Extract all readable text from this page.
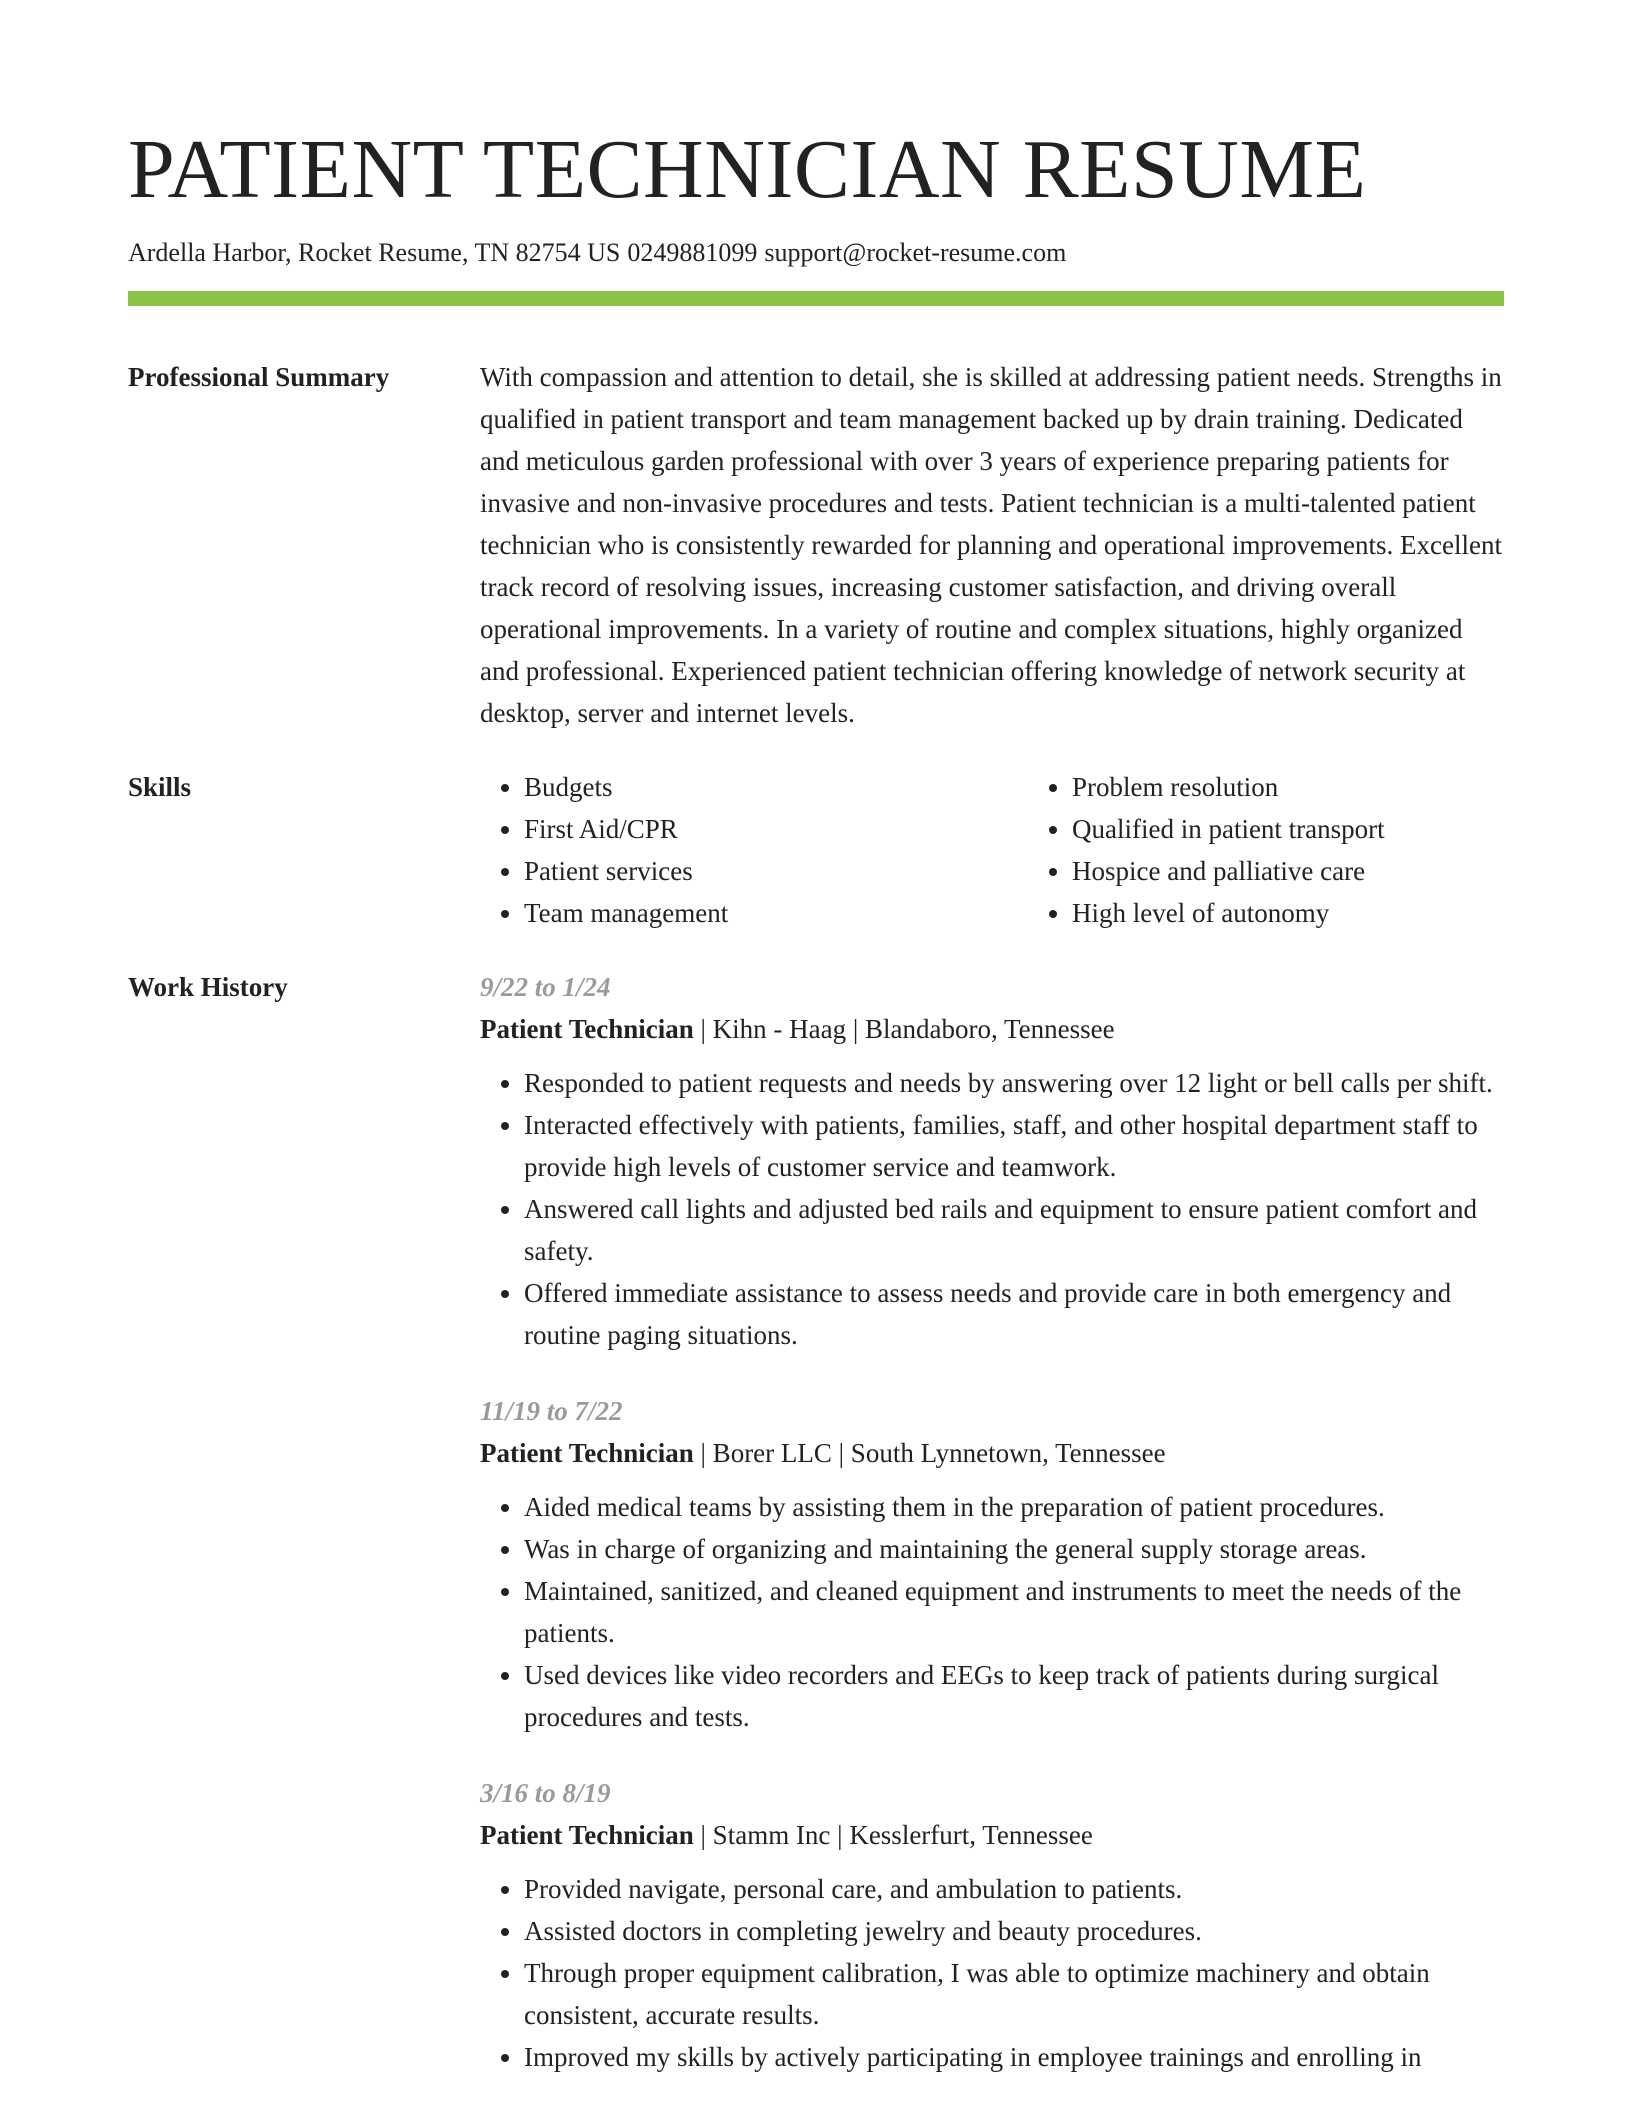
PATIENT TECHNICIAN RESUME
Ardella Harbor, Rocket Resume, TN 82754 US 0249881099 support@rocket-resume.com
Professional Summary	With compassion and attention to detail, she is skilled at addressing patient needs. Strengths in qualified in patient transport and team management backed up by drain training. Dedicated and meticulous garden professional with over 3 years of experience preparing patients for invasive and non-invasive procedures and tests. Patient technician is a multi-talented patient technician who is consistently rewarded for planning and operational improvements. Excellent track record of resolving issues, increasing customer satisfaction, and driving overall operational improvements. In a variety of routine and complex situations, highly organized and professional. Experienced patient technician offering knowledge of network security at desktop, server and internet levels.
Skills
•	Budgets
• First Aid/CPR
• Patient services
• Team management
• Problem resolution
• Qualified in patient transport
• Hospice and palliative care
• High level of autonomy
Work History	9/22 to 1/24
Patient Technician | Kihn - Haag | Blandaboro, Tennessee
• Responded to patient requests and needs by answering over 12 light or bell calls per shift.
• Interacted effectively with patients, families, staff, and other hospital department staff to provide high levels of customer service and teamwork.
• Answered call lights and adjusted bed rails and equipment to ensure patient comfort and safety.
• Offered immediate assistance to assess needs and provide care in both emergency and routine paging situations.
11/19 to 7/22
Patient Technician | Borer LLC | South Lynnetown, Tennessee
• Aided medical teams by assisting them in the preparation of patient procedures.
• Was in charge of organizing and maintaining the general supply storage areas.
• Maintained, sanitized, and cleaned equipment and instruments to meet the needs of the patients.
• Used devices like video recorders and EEGs to keep track of patients during surgical procedures and tests.
3/16 to 8/19
Patient Technician | Stamm Inc | Kesslerfurt, Tennessee
• Provided navigate, personal care, and ambulation to patients.
• Assisted doctors in completing jewelry and beauty procedures.
• Through proper equipment calibration, I was able to optimize machinery and obtain consistent, accurate results.
• Improved my skills by actively participating in employee trainings and enrolling in
